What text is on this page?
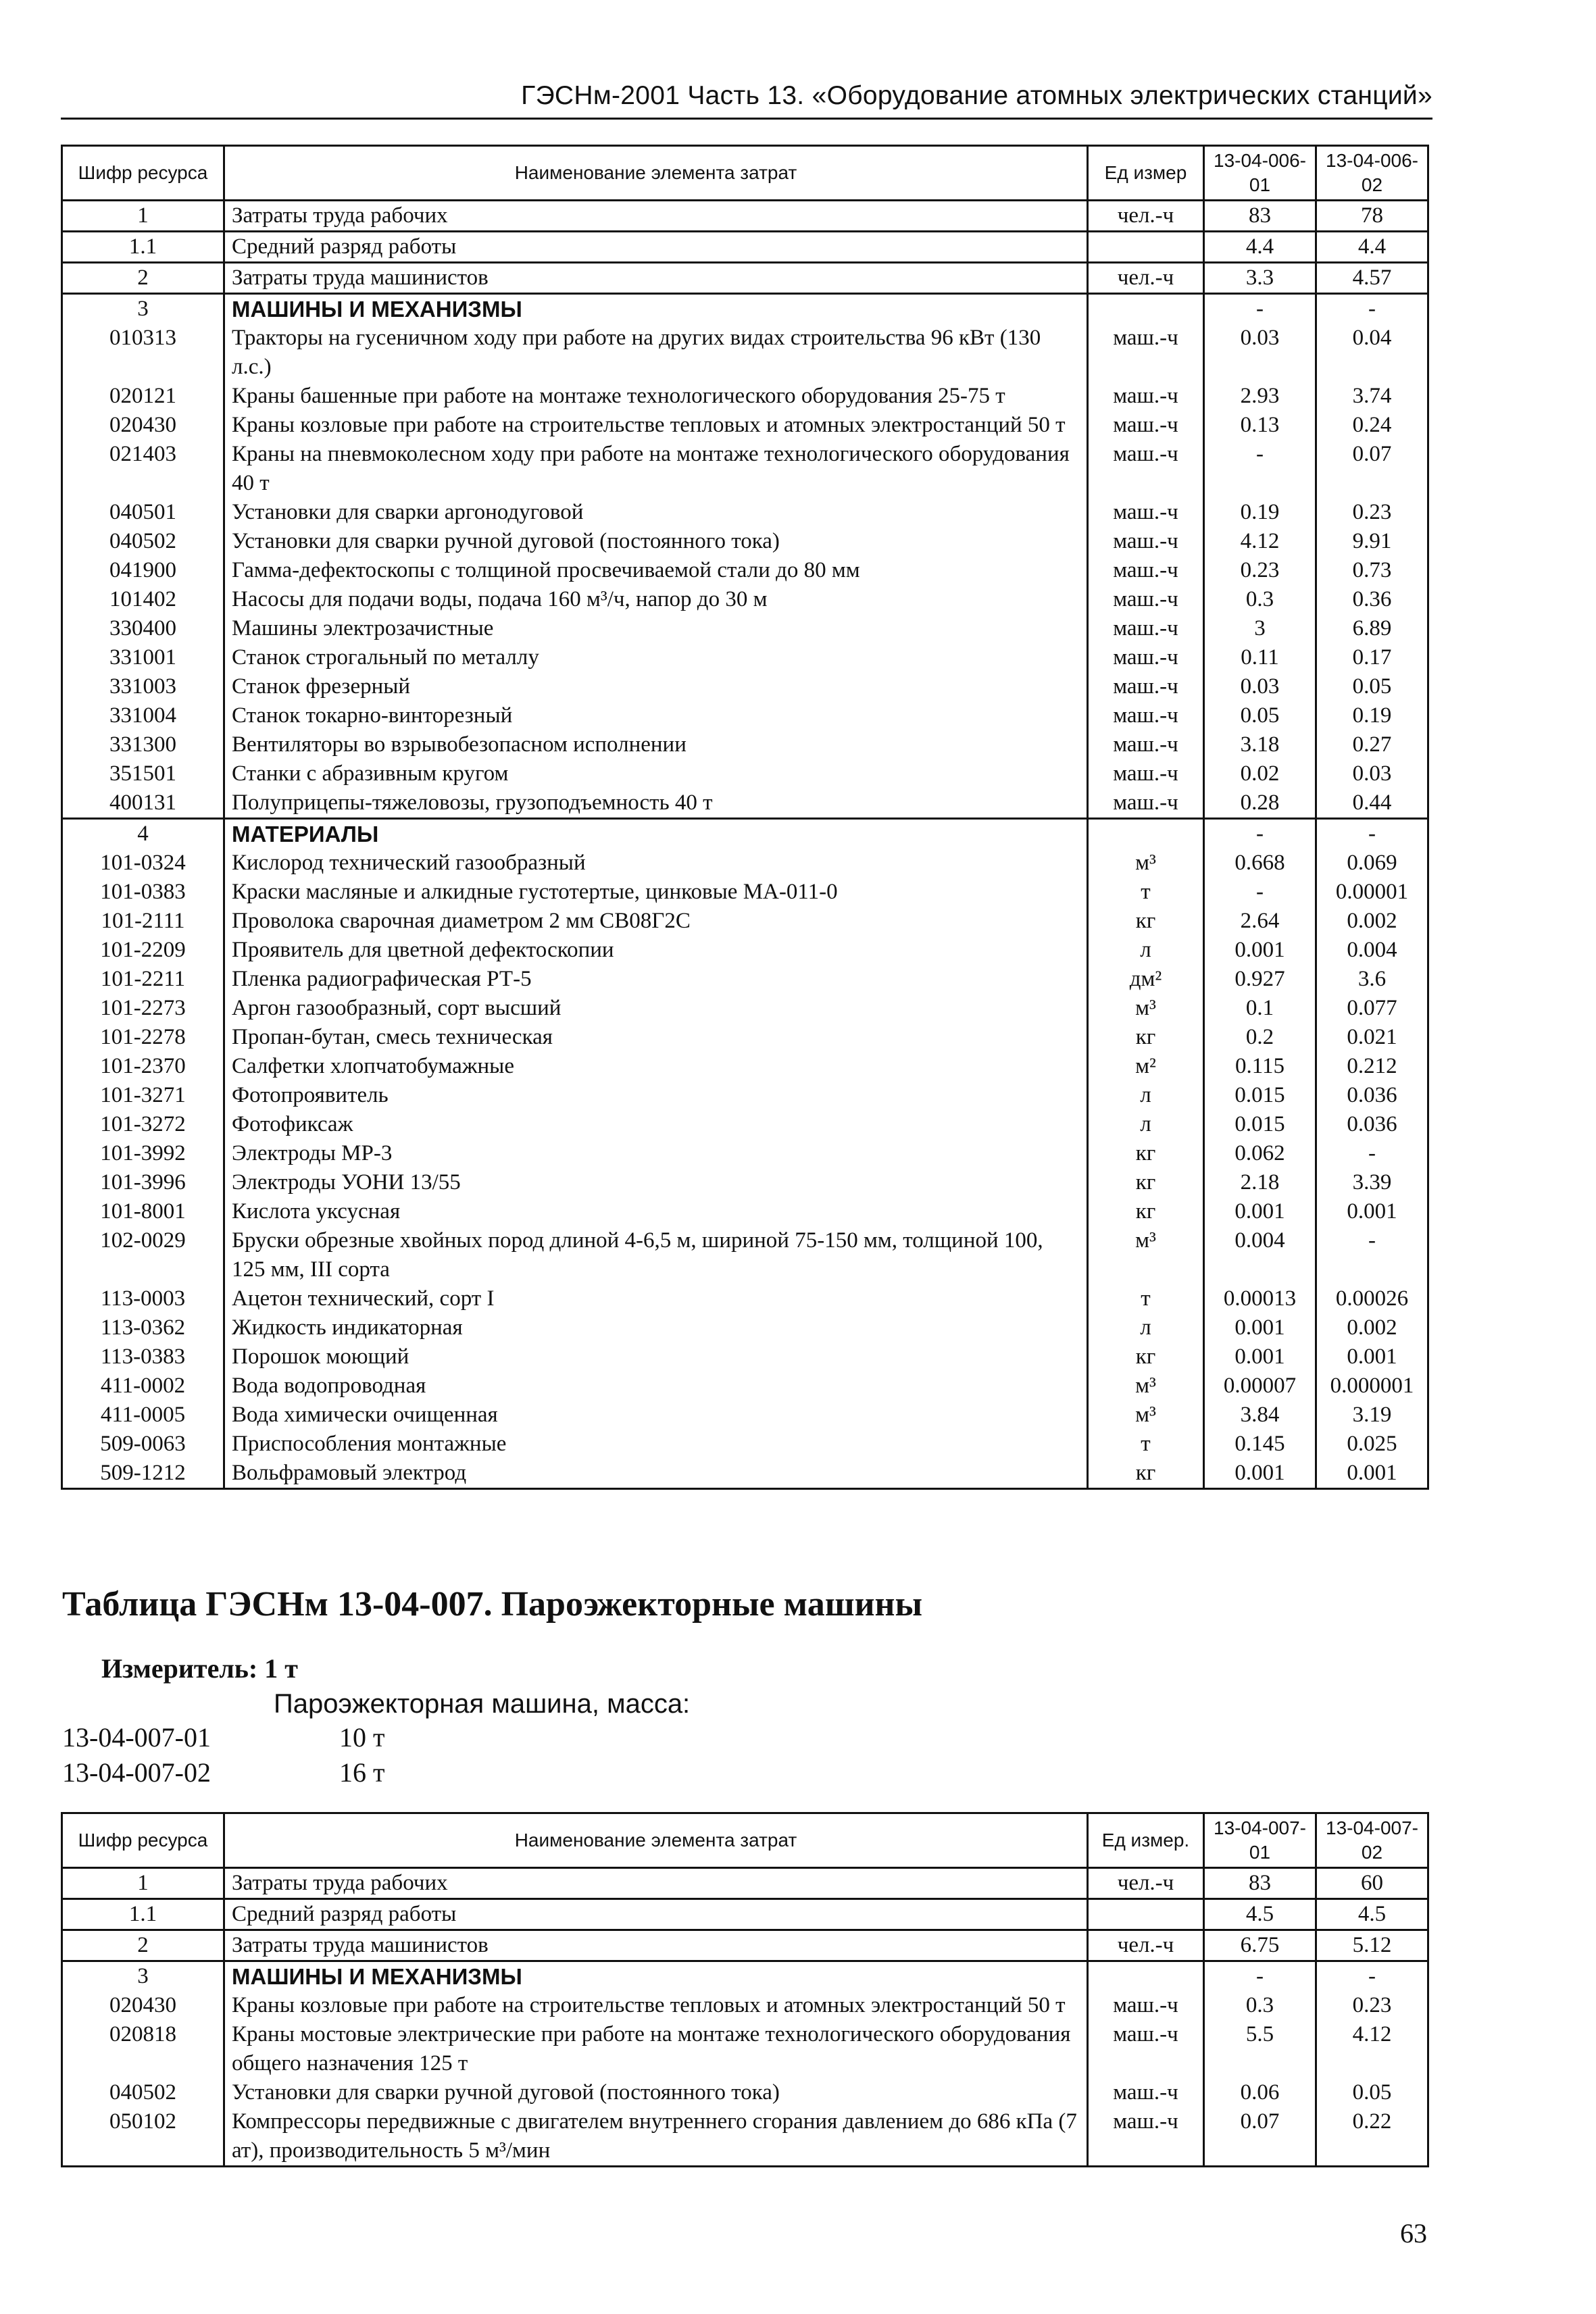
ГЭСНм-2001 Часть 13. «Оборудование атомных электрических станций»
Шифр ресурса	Наименование элемента затрат	Ед измер	13-04-006-01	13-04-006-02
1	Затраты труда рабочих	чел.-ч	83	78
1.1	Средний разряд работы		4.4	4.4
2	Затраты труда машинистов	чел.-ч	3.3	4.57
3	МАШИНЫ И МЕХАНИЗМЫ		-	-
010313	Тракторы на гусеничном ходу при работе на других видах строительства 96 кВт (130 л.с.)	маш.-ч	0.03	0.04
020121	Краны башенные при работе на монтаже технологического оборудования 25-75 т	маш.-ч	2.93	3.74
020430	Краны козловые при работе на строительстве тепловых и атомных электростанций 50 т	маш.-ч	0.13	0.24
021403	Краны на пневмоколесном ходу при работе на монтаже технологического оборудования 40 т	маш.-ч	-	0.07
040501	Установки для сварки аргонодуговой	маш.-ч	0.19	0.23
040502	Установки для сварки ручной дуговой (постоянного тока)	маш.-ч	4.12	9.91
041900	Гамма-дефектоскопы с толщиной просвечиваемой стали до 80 мм	маш.-ч	0.23	0.73
101402	Насосы для подачи воды, подача 160 м³/ч, напор до 30 м	маш.-ч	0.3	0.36
330400	Машины электрозачистные	маш.-ч	3	6.89
331001	Станок строгальный по металлу	маш.-ч	0.11	0.17
331003	Станок фрезерный	маш.-ч	0.03	0.05
331004	Станок токарно-винторезный	маш.-ч	0.05	0.19
331300	Вентиляторы во взрывобезопасном исполнении	маш.-ч	3.18	0.27
351501	Станки с абразивным кругом	маш.-ч	0.02	0.03
400131	Полуприцепы-тяжеловозы, грузоподъемность 40 т	маш.-ч	0.28	0.44
4	МАТЕРИАЛЫ		-	-
101-0324	Кислород технический газообразный	м³	0.668	0.069
101-0383	Краски масляные и алкидные густотертые, цинковые МА-011-0	т	-	0.00001
101-2111	Проволока сварочная диаметром 2 мм СВ08Г2С	кг	2.64	0.002
101-2209	Проявитель для цветной дефектоскопии	л	0.001	0.004
101-2211	Пленка радиографическая РТ-5	дм²	0.927	3.6
101-2273	Аргон газообразный, сорт высший	м³	0.1	0.077
101-2278	Пропан-бутан, смесь техническая	кг	0.2	0.021
101-2370	Салфетки хлопчатобумажные	м²	0.115	0.212
101-3271	Фотопроявитель	л	0.015	0.036
101-3272	Фотофиксаж	л	0.015	0.036
101-3992	Электроды МР-3	кг	0.062	-
101-3996	Электроды УОНИ 13/55	кг	2.18	3.39
101-8001	Кислота уксусная	кг	0.001	0.001
102-0029	Бруски обрезные хвойных пород длиной 4-6,5 м, шириной 75-150 мм, толщиной 100, 125 мм, III сорта	м³	0.004	-
113-0003	Ацетон технический, сорт I	т	0.00013	0.00026
113-0362	Жидкость индикаторная	л	0.001	0.002
113-0383	Порошок моющий	кг	0.001	0.001
411-0002	Вода водопроводная	м³	0.00007	0.000001
411-0005	Вода химически очищенная	м³	3.84	3.19
509-0063	Приспособления монтажные	т	0.145	0.025
509-1212	Вольфрамовый электрод	кг	0.001	0.001
Таблица ГЭСНм 13-04-007. Пароэжекторные машины
Измеритель: 1 т
Пароэжекторная машина, масса:
13-04-007-01	10 т
13-04-007-02	16 т
Шифр ресурса	Наименование элемента затрат	Ед измер.	13-04-007-01	13-04-007-02
1	Затраты труда рабочих	чел.-ч	83	60
1.1	Средний разряд работы		4.5	4.5
2	Затраты труда машинистов	чел.-ч	6.75	5.12
3	МАШИНЫ И МЕХАНИЗМЫ		-	-
020430	Краны козловые при работе на строительстве тепловых и атомных электростанций 50 т	маш.-ч	0.3	0.23
020818	Краны мостовые электрические при работе на монтаже технологического оборудования общего назначения 125 т	маш.-ч	5.5	4.12
040502	Установки для сварки ручной дуговой (постоянного тока)	маш.-ч	0.06	0.05
050102	Компрессоры передвижные с двигателем внутреннего сгорания давлением до 686 кПа (7 ат), производительность 5 м³/мин	маш.-ч	0.07	0.22
63
